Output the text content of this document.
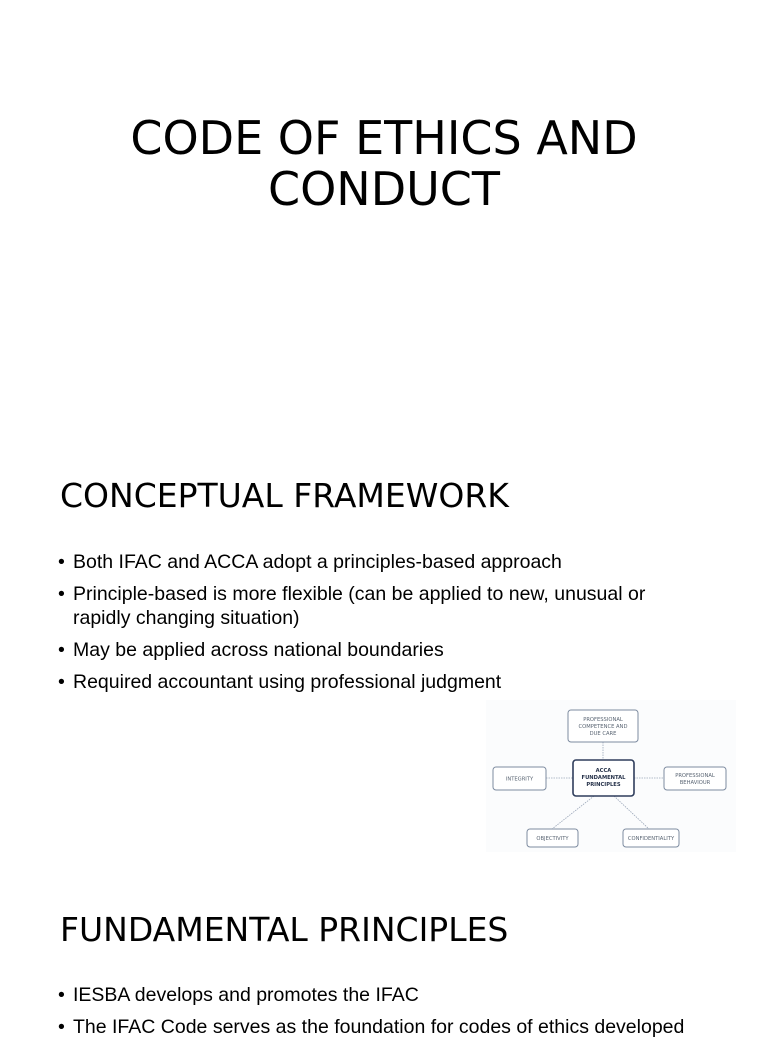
CODE OF ETHICS AND
CONDUCT
CONCEPTUAL FRAMEWORK
• Both IFAC and ACCA adopt a principles-based approach
• Principle-based is more flexible (can be applied to new, unusual or rapidly changing situation)
• May be applied across national boundaries
• Required accountant using professional judgment
PROFESSIONAL
COMPETENCE AND
DUE CARE
ACCA
FUNDAMENTAL
PRINCIPLES
INTEGRITY
PROFESSIONAL
BEHAVIOUR
OBJECTIVITY	CONFIDENTIALITY
FUNDAMENTAL PRINCIPLES
• IESBA develops and promotes the IFAC
• The IFAC Code serves as the foundation for codes of ethics developed
